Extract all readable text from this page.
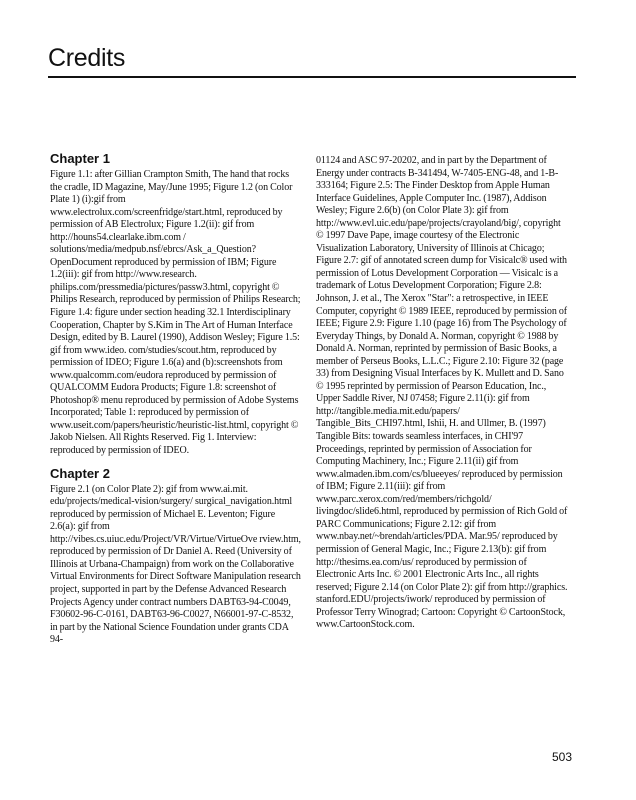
Credits
Chapter 1

Figure 1.1: after Gillian Crampton Smith, The hand that rocks the cradle, ID Magazine, May/June 1995; Figure 1.2 (on Color Plate 1) (i):gif from www.electrolux.com/screenfridge/start.html, reproduced by permission of AB Electrolux; Figure 1.2(ii): gif from http://houns54.clearlake.ibm.com / solutions/media/medpub.nsf/ebrcs/Ask_a_Question? OpenDocument reproduced by permission of IBM; Figure 1.2(iii): gif from http://www.research. philips.com/pressmedia/pictures/passw3.html, copyright © Philips Research, reproduced by permission of Philips Research; Figure 1.4: figure under section heading 32.1 Interdisciplinary Cooperation, Chapter by S.Kim in The Art of Human Interface Design, edited by B. Laurel (1990), Addison Wesley; Figure 1.5: gif from www.ideo. com/studies/scout.htm, reproduced by permission of IDEO; Figure 1.6(a) and (b):screenshots from www.qualcomm.com/eudora reproduced by permission of QUALCOMM Eudora Products; Figure 1.8: screenshot of Photoshop® menu reproduced by permission of Adobe Systems Incorporated; Table 1: reproduced by permission of www.useit.com/papers/heuristic/heuristic-list.html, copyright © Jakob Nielsen. All Rights Reserved. Fig 1. Interview: reproduced by permission of IDEO.

Chapter 2

Figure 2.1 (on Color Plate 2): gif from www.ai.mit. edu/projects/medical-vision/surgery/ surgical_navigation.html reproduced by permission of Michael E. Leventon; Figure 2.6(a): gif from http://vibes.cs.uiuc.edu/Project/VR/Virtue/VirtueOve rview.htm, reproduced by permission of Dr Daniel A. Reed (University of Illinois at Urbana-Champaign) from work on the Collaborative Virtual Environments for Direct Software Manipulation research project, supported in part by the Defense Advanced Research Projects Agency under contract numbers DABT63-94-C0049, F30602-96-C-0161, DABT63-96-C0027, N66001-97-C-8532, in part by the National Science Foundation under grants CDA 94-

01124 and ASC 97-20202, and in part by the Department of Energy under contracts B-341494, W-7405-ENG-48, and 1-B-333164; Figure 2.5: The Finder Desktop from Apple Human Interface Guidelines, Apple Computer Inc. (1987), Addison Wesley; Figure 2.6(b) (on Color Plate 3): gif from http://www.evl.uic.edu/pape/projects/crayoland/big/, copyright © 1997 Dave Pape, image courtesy of the Electronic Visualization Laboratory, University of Illinois at Chicago; Figure 2.7: gif of annotated screen dump for Visicalc® used with permission of Lotus Development Corporation — Visicalc is a trademark of Lotus Development Corporation; Figure 2.8: Johnson, J. et al., The Xerox "Star": a retrospective, in IEEE Computer, copyright © 1989 IEEE, reproduced by permission of IEEE; Figure 2.9: Figure 1.10 (page 16) from The Psychology of Everyday Things, by Donald A. Norman, copyright © 1988 by Donald A. Norman, reprinted by permission of Basic Books, a member of Perseus Books, L.L.C.; Figure 2.10: Figure 32 (page 33) from Designing Visual Interfaces by K. Mullett and D. Sano © 1995 reprinted by permission of Pearson Education, Inc., Upper Saddle River, NJ 07458; Figure 2.11(i): gif from http://tangible.media.mit.edu/papers/ Tangible_Bits_CHI97.html, Ishii, H. and Ullmer, B. (1997) Tangible Bits: towards seamless interfaces, in CHI'97 Proceedings, reprinted by permission of Association for Computing Machinery, Inc.; Figure 2.11(ii) gif from www.almaden.ibm.com/cs/blueeyes/ reproduced by permission of IBM; Figure 2.11(iii): gif from www.parc.xerox.com/red/members/richgold/ livingdoc/slide6.html, reproduced by permission of Rich Gold of PARC Communications; Figure 2.12: gif from www.nbay.net/~brendah/articles/PDA. Mar.95/ reproduced by permission of General Magic, Inc.; Figure 2.13(b): gif from http://thesims.ea.com/us/ reproduced by permission of Electronic Arts Inc. © 2001 Electronic Arts Inc., all rights reserved; Figure 2.14 (on Color Plate 2): gif from http://graphics. stanford.EDU/projects/iwork/ reproduced by permission of Professor Terry Winograd; Cartoon: Copyright © CartoonStock, www.CartoonStock.com.

503
